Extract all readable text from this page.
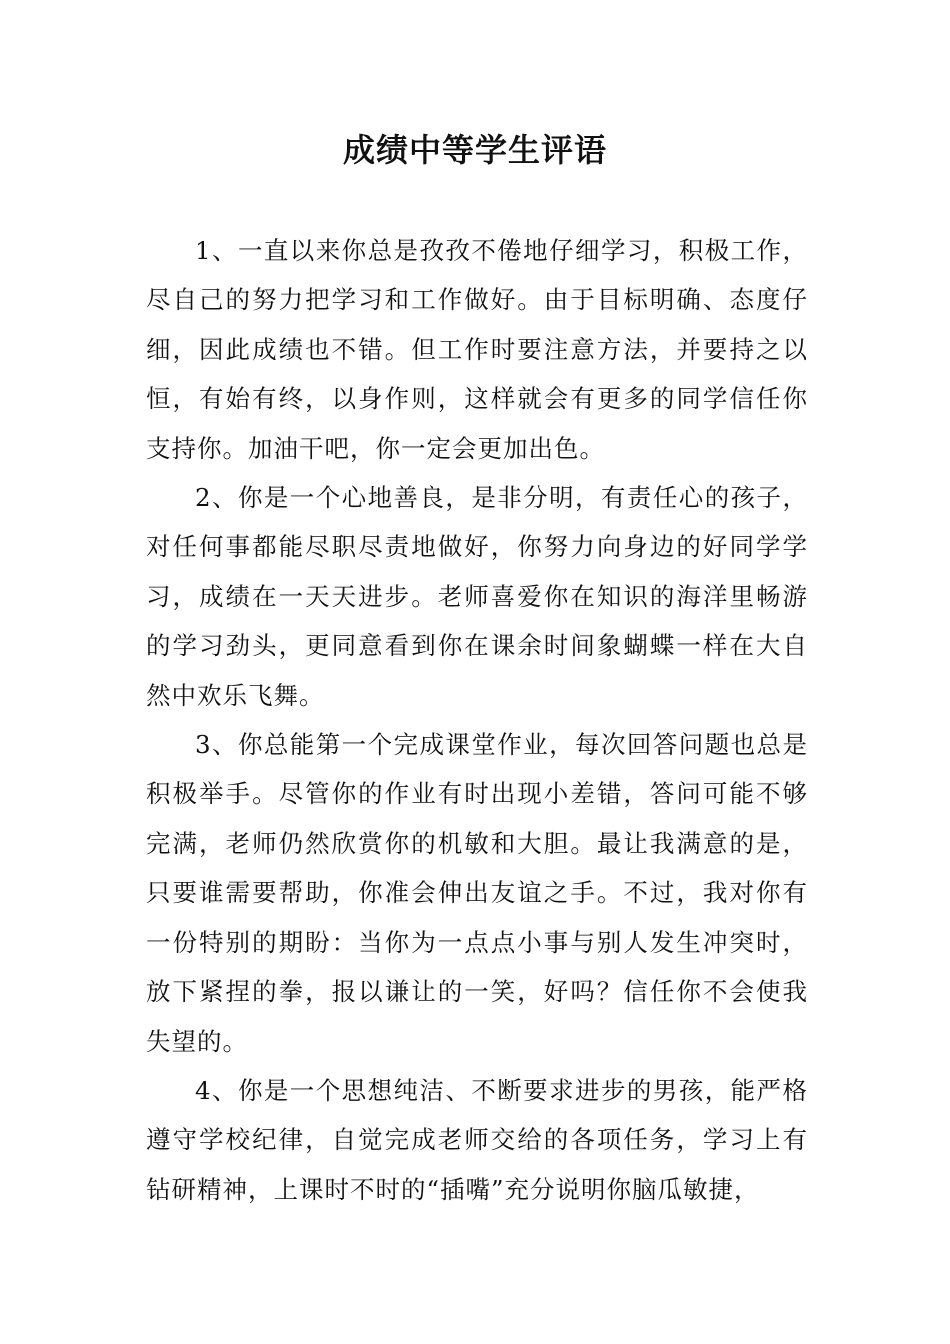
成绩中等学生评语

1、一直以来你总是孜孜不倦地仔细学习，积极工作，尽自己的努力把学习和工作做好。由于目标明确、态度仔细，因此成绩也不错。但工作时要注意方法，并要持之以恒，有始有终，以身作则，这样就会有更多的同学信任你支持你。加油干吧，你一定会更加出色。

2、你是一个心地善良，是非分明，有责任心的孩子，对任何事都能尽职尽责地做好，你努力向身边的好同学学习，成绩在一天天进步。老师喜爱你在知识的海洋里畅游的学习劲头，更同意看到你在课余时间象蝴蝶一样在大自然中欢乐飞舞。

3、你总能第一个完成课堂作业，每次回答问题也总是积极举手。尽管你的作业有时出现小差错，答问可能不够完满，老师仍然欣赏你的机敏和大胆。最让我满意的是，只要谁需要帮助，你准会伸出友谊之手。不过，我对你有一份特别的期盼：当你为一点点小事与别人发生冲突时，放下紧捏的拳，报以谦让的一笑，好吗？信任你不会使我失望的。

4、你是一个思想纯洁、不断要求进步的男孩，能严格遵守学校纪律，自觉完成老师交给的各项任务，学习上有钻研精神，上课时不时的“插嘴”充分说明你脑瓜敏捷，
